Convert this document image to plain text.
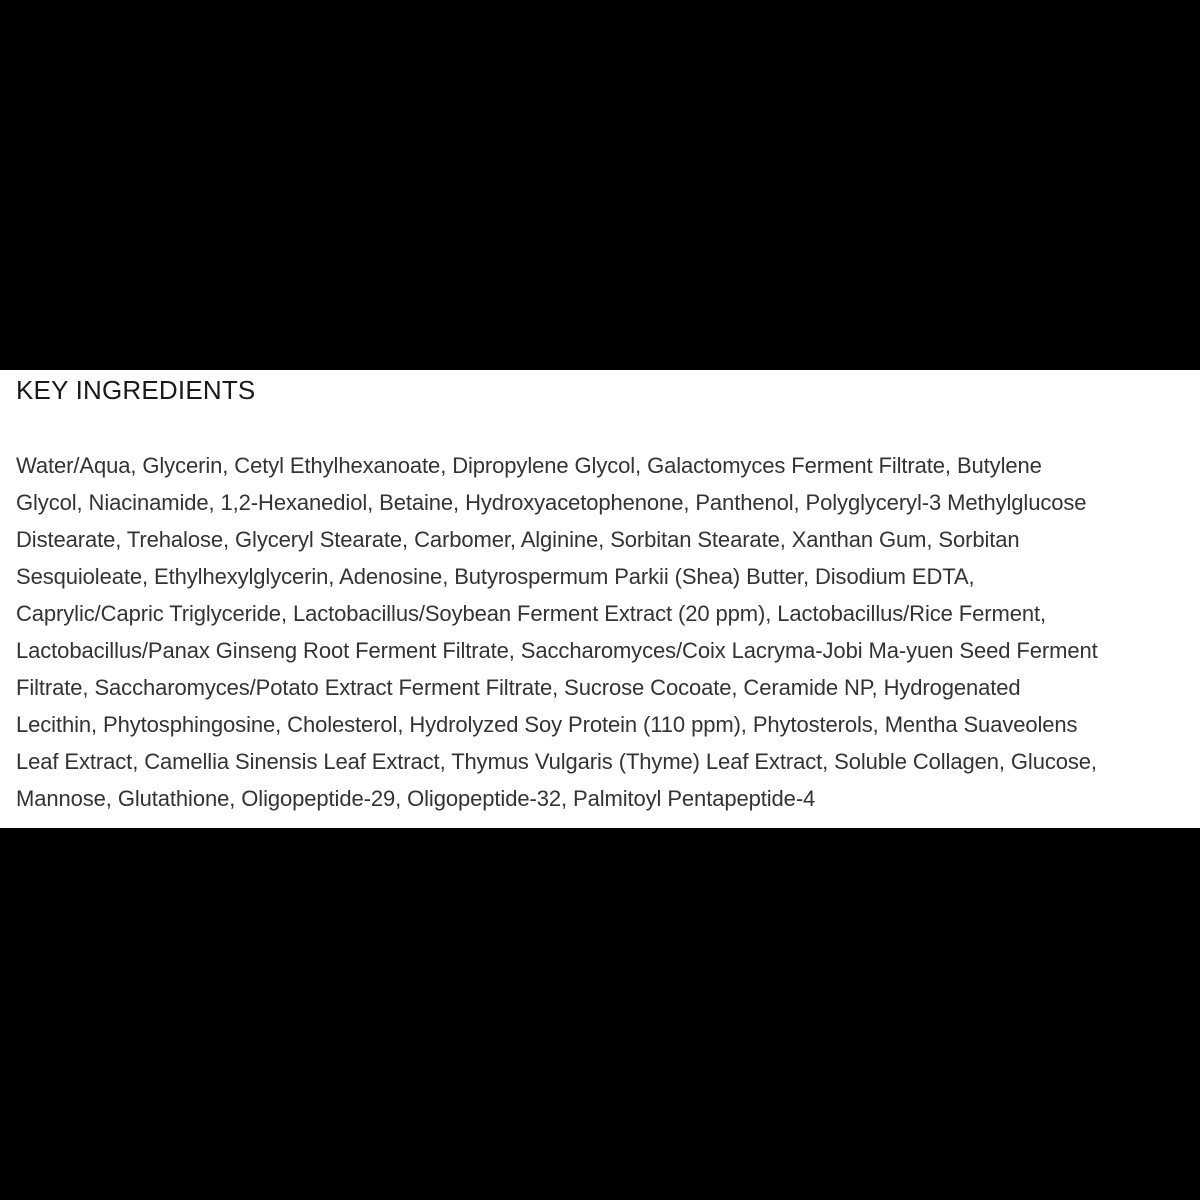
KEY INGREDIENTS
Water/Aqua, Glycerin, Cetyl Ethylhexanoate, Dipropylene Glycol, Galactomyces Ferment Filtrate, Butylene
Glycol, Niacinamide, 1,2-Hexanediol, Betaine, Hydroxyacetophenone, Panthenol, Polyglyceryl-3 Methylglucose
Distearate, Trehalose, Glyceryl Stearate, Carbomer, Alginine, Sorbitan Stearate, Xanthan Gum, Sorbitan
Sesquioleate, Ethylhexylglycerin, Adenosine, Butyrospermum Parkii (Shea) Butter, Disodium EDTA,
Caprylic/Capric Triglyceride, Lactobacillus/Soybean Ferment Extract (20 ppm), Lactobacillus/Rice Ferment,
Lactobacillus/Panax Ginseng Root Ferment Filtrate, Saccharomyces/Coix Lacryma-Jobi Ma-yuen Seed Ferment
Filtrate, Saccharomyces/Potato Extract Ferment Filtrate, Sucrose Cocoate, Ceramide NP, Hydrogenated
Lecithin, Phytosphingosine, Cholesterol, Hydrolyzed Soy Protein (110 ppm), Phytosterols, Mentha Suaveolens
Leaf Extract, Camellia Sinensis Leaf Extract, Thymus Vulgaris (Thyme) Leaf Extract, Soluble Collagen, Glucose,
Mannose, Glutathione, Oligopeptide-29, Oligopeptide-32, Palmitoyl Pentapeptide-4
